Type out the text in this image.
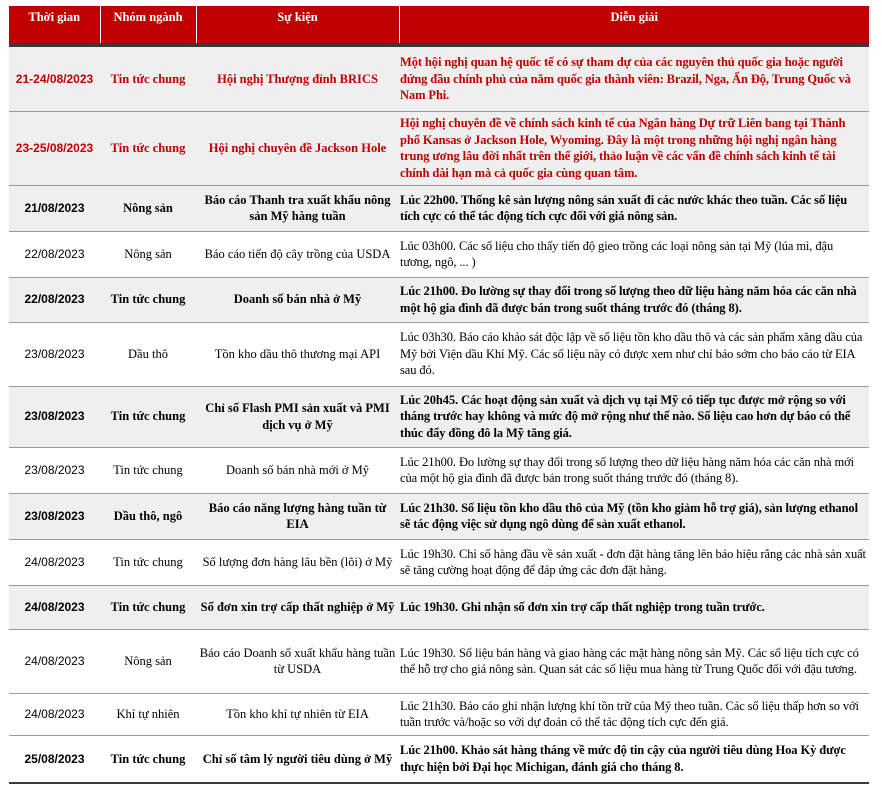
Thời gian	Nhóm ngành	Sự kiện	Diễn giải
21-24/08/2023	Tin tức chung	Hội nghị Thượng đỉnh BRICS	Một hội nghị quan hệ quốc tế có sự tham dự của các nguyên thủ quốc gia hoặc người đứng đầu chính phủ của năm quốc gia thành viên: Brazil, Nga, Ấn Độ, Trung Quốc và Nam Phi.
23-25/08/2023	Tin tức chung	Hội nghị chuyên đề Jackson Hole	Hội nghị chuyên đề về chính sách kinh tế của Ngân hàng Dự trữ Liên bang tại Thành phố Kansas ở Jackson Hole, Wyoming. Đây là một trong những hội nghị ngân hàng trung ương lâu đời nhất trên thế giới, thảo luận về các vấn đề chính sách kinh tế tài chính dài hạn mà cả quốc gia cùng quan tâm.
21/08/2023	Nông sản	Báo cáo Thanh tra xuất khẩu nông sản Mỹ hàng tuần	Lúc 22h00. Thống kê sản lượng nông sản xuất đi các nước khác theo tuần. Các số liệu tích cực có thể tác động tích cực đối với giá nông sản.
22/08/2023	Nông sản	Báo cáo tiến độ cây trồng của USDA	Lúc 03h00. Các số liệu cho thấy tiến độ gieo trồng các loại nông sản tại Mỹ (lúa mì, đậu tương, ngô, ... )
22/08/2023	Tin tức chung	Doanh số bán nhà ở Mỹ	Lúc 21h00. Đo lường sự thay đổi trong số lượng theo dữ liệu hàng năm hóa các căn nhà một hộ gia đình đã được bán trong suốt tháng trước đó (tháng 8).
23/08/2023	Dầu thô	Tồn kho dầu thô thương mại API	Lúc 03h30. Báo cáo khảo sát độc lập về số liệu tồn kho dầu thô và các sản phẩm xăng dầu của Mỹ bởi Viện dầu Khí Mỹ. Các số liệu này có được xem như chỉ báo sớm cho báo cáo từ EIA sau đó.
23/08/2023	Tin tức chung	Chỉ số Flash PMI sản xuất và PMI dịch vụ ở Mỹ	Lúc 20h45. Các hoạt động sản xuất và dịch vụ tại Mỹ có tiếp tục được mở rộng so với tháng trước hay không và mức độ mở rộng như thế nào. Số liệu cao hơn dự báo có thể thúc đẩy đồng đô la Mỹ tăng giá.
23/08/2023	Tin tức chung	Doanh số bán nhà mới ở Mỹ	Lúc 21h00. Đo lường sự thay đổi trong số lượng theo dữ liệu hàng năm hóa các căn nhà mới của một hộ gia đình đã được bán trong suốt tháng trước đó (tháng 8).
23/08/2023	Dầu thô, ngô	Báo cáo năng lượng hàng tuần từ EIA	Lúc 21h30. Số liệu tồn kho dầu thô của Mỹ (tồn kho giảm hỗ trợ giá), sản lượng ethanol sẽ tác động việc sử dụng ngô dùng để sản xuất ethanol.
24/08/2023	Tin tức chung	Số lượng đơn hàng lâu bền (lõi) ở Mỹ	Lúc 19h30. Chỉ số hàng đầu về sản xuất - đơn đặt hàng tăng lên báo hiệu rằng các nhà sản xuất sẽ tăng cường hoạt động để đáp ứng các đơn đặt hàng.
24/08/2023	Tin tức chung	Số đơn xin trợ cấp thất nghiệp ở Mỹ	Lúc 19h30. Ghi nhận số đơn xin trợ cấp thất nghiệp trong tuần trước.
24/08/2023	Nông sản	Báo cáo Doanh số xuất khẩu hàng tuần từ USDA	Lúc 19h30. Số liệu bán hàng và giao hàng các mặt hàng nông sản Mỹ. Các số liệu tích cực có thể hỗ trợ cho giá nông sản. Quan sát các số liệu mua hàng từ Trung Quốc đối với đậu tương.
24/08/2023	Khí tự nhiên	Tồn kho khí tự nhiên từ EIA	Lúc 21h30. Báo cáo ghi nhận lượng khí tồn trữ của Mỹ theo tuần. Các số liệu thấp hơn so với tuần trước và/hoặc so với dự đoán có thể tác động tích cực đến giá.
25/08/2023	Tin tức chung	Chỉ số tâm lý người tiêu dùng ở Mỹ	Lúc 21h00. Khảo sát hàng tháng về mức độ tin cậy của người tiêu dùng Hoa Kỳ được thực hiện bởi Đại học Michigan, đánh giá cho tháng 8.
